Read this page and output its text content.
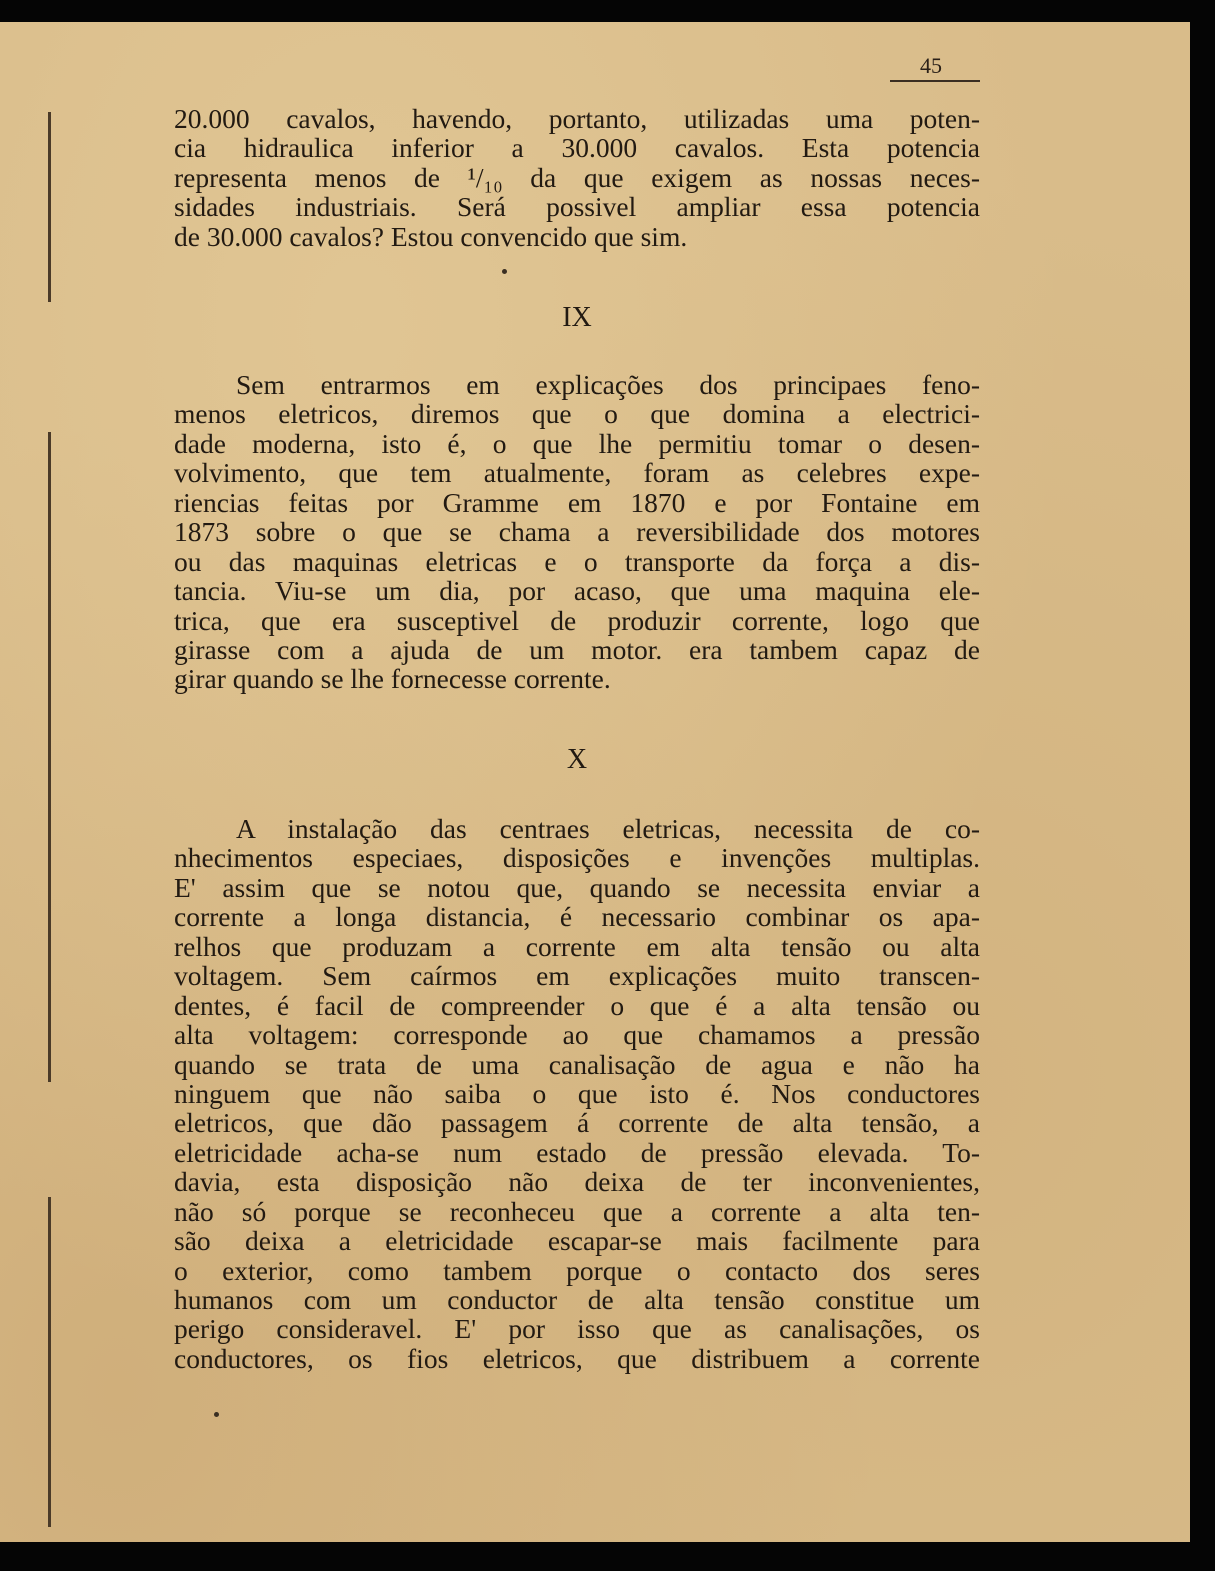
45
20.000 cavalos, havendo, portanto, utilizadas uma poten-
cia hidraulica inferior a 30.000 cavalos. Esta potencia
representa menos de ¹/₁₀ da que exigem as nossas neces-
sidades industriais. Será possivel ampliar essa potencia
de 30.000 cavalos? Estou convencido que sim.
IX
Sem entrarmos em explicações dos principaes feno-
menos eletricos, diremos que o que domina a electrici-
dade moderna, isto é, o que lhe permitiu tomar o desen-
volvimento, que tem atualmente, foram as celebres expe-
riencias feitas por Gramme em 1870 e por Fontaine em
1873 sobre o que se chama a reversibilidade dos motores
ou das maquinas eletricas e o transporte da força a dis-
tancia. Viu-se um dia, por acaso, que uma maquina ele-
trica, que era susceptivel de produzir corrente, logo que
girasse com a ajuda de um motor. era tambem capaz de
girar quando se lhe fornecesse corrente.
X
A instalação das centraes eletricas, necessita de co-
nhecimentos especiaes, disposições e invenções multiplas.
E' assim que se notou que, quando se necessita enviar a
corrente a longa distancia, é necessario combinar os apa-
relhos que produzam a corrente em alta tensão ou alta
voltagem. Sem caírmos em explicações muito transcen-
dentes, é facil de compreender o que é a alta tensão ou
alta voltagem: corresponde ao que chamamos a pressão
quando se trata de uma canalisação de agua e não ha
ninguem que não saiba o que isto é. Nos conductores
eletricos, que dão passagem á corrente de alta tensão, a
eletricidade acha-se num estado de pressão elevada. To-
davia, esta disposição não deixa de ter inconvenientes,
não só porque se reconheceu que a corrente a alta ten-
são deixa a eletricidade escapar-se mais facilmente para
o exterior, como tambem porque o contacto dos seres
humanos com um conductor de alta tensão constitue um
perigo consideravel. E' por isso que as canalisações, os
conductores, os fios eletricos, que distribuem a corrente
